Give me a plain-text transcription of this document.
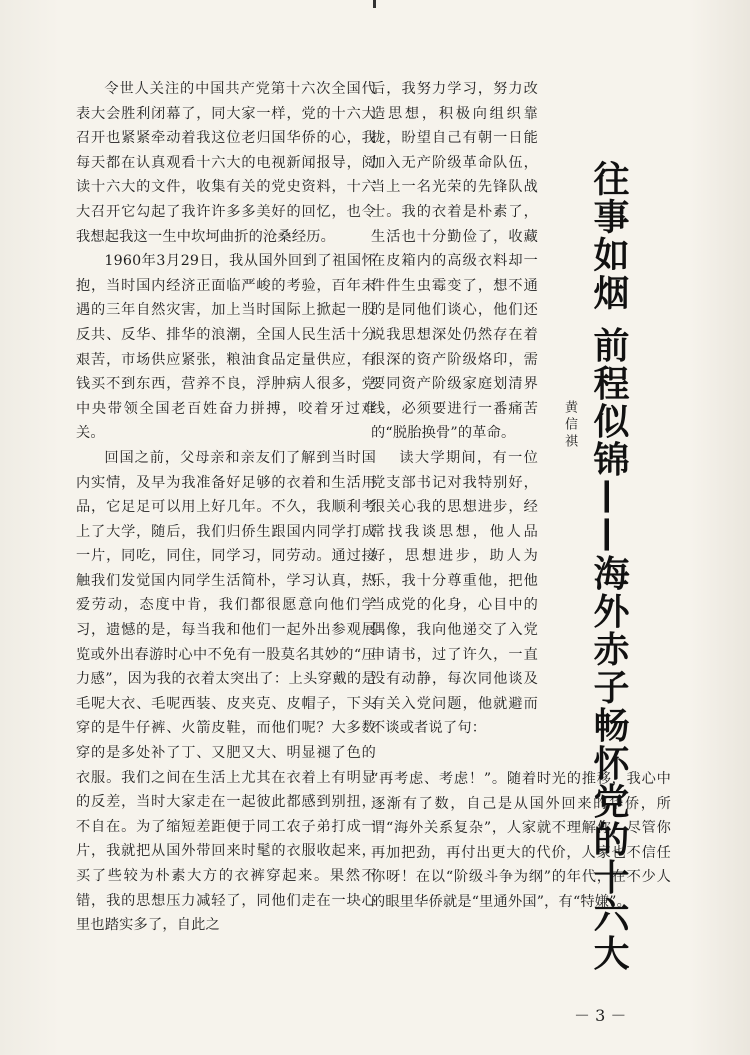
令世人关注的中国共产党第十六次全国代表大会胜利闭幕了，同大家一样，党的十六大召开也紧紧牵动着我这位老归国华侨的心，我每天都在认真观看十六大的电视新闻报导，阅读十六大的文件，收集有关的党史资料，十六大召开它勾起了我许许多多美好的回忆，也令我想起我这一生中坎坷曲折的沧桑经历。

1960年3月29日，我从国外回到了祖国怀抱，当时国内经济正面临严峻的考验，百年未遇的三年自然灾害，加上当时国际上掀起一股反共、反华、排华的浪潮，全国人民生活十分艰苦，市场供应紧张，粮油食品定量供应，有钱买不到东西，营养不良，浮肿病人很多，党中央带领全国老百姓奋力拼搏，咬着牙过难关。

回国之前，父母亲和亲友们了解到当时国内实情，及早为我准备好足够的衣着和生活用品，它足足可以用上好几年。不久，我顺利考上了大学，随后，我们归侨生跟国内同学打成一片，同吃，同住，同学习，同劳动。通过接触我们发觉国内同学生活简朴，学习认真，热爱劳动，态度中肯，我们都很愿意向他们学习，遗憾的是，每当我和他们一起外出参观展览或外出春游时心中不免有一股莫名其妙的“压力感”，因为我的衣着太突出了：上头穿戴的是毛呢大衣、毛呢西装、皮夹克、皮帽子，下头穿的是牛仔裤、火箭皮鞋，而他们呢？大多数穿的是多处补了丁、又肥又大、明显褪了色的衣服。我们之间在生活上尤其在衣着上有明显的反差，当时大家走在一起彼此都感到别扭，不自在。为了缩短差距便于同工农子弟打成一片，我就把从国外带回来时髦的衣服收起来，买了些较为朴素大方的衣裤穿起来。果然不错，我的思想压力减轻了，同他们走在一块心里也踏实多了，自此之

后，我努力学习，努力改造思想，积极向组织靠拢，盼望自己有朝一日能加入无产阶级革命队伍，当上一名光荣的先锋队战士。我的衣着是朴素了，生活也十分勤俭了，收藏在皮箱内的高级衣料却一件件生虫霉变了，想不通的是同他们谈心，他们还说我思想深处仍然存在着很深的资产阶级烙印，需要同资产阶级家庭划清界线，必须要进行一番痛苦的“脱胎换骨”的革命。

读大学期间，有一位党支部书记对我特别好，很关心我的思想进步，经常找我谈思想，他人品好，思想进步，助人为乐，我十分尊重他，把他当成党的化身，心目中的偶像，我向他递交了入党申请书，过了许久，一直没有动静，每次同他谈及有关入党问题，他就避而不谈或者说了句：

“再考虑、考虑！”。随着时光的推移，我心中逐渐有了数，自己是从国外回来的华侨，所谓“海外关系复杂”，人家就不理解你，尽管你再加把劲，再付出更大的代价，人家也不信任你呀！在以“阶级斗争为纲”的年代，在不少人的眼里华侨就是“里通外国”，有“特嫌”。

往事如烟 前程似锦——海外赤子畅怀党的十六大
黄信祺
－ 3 －
